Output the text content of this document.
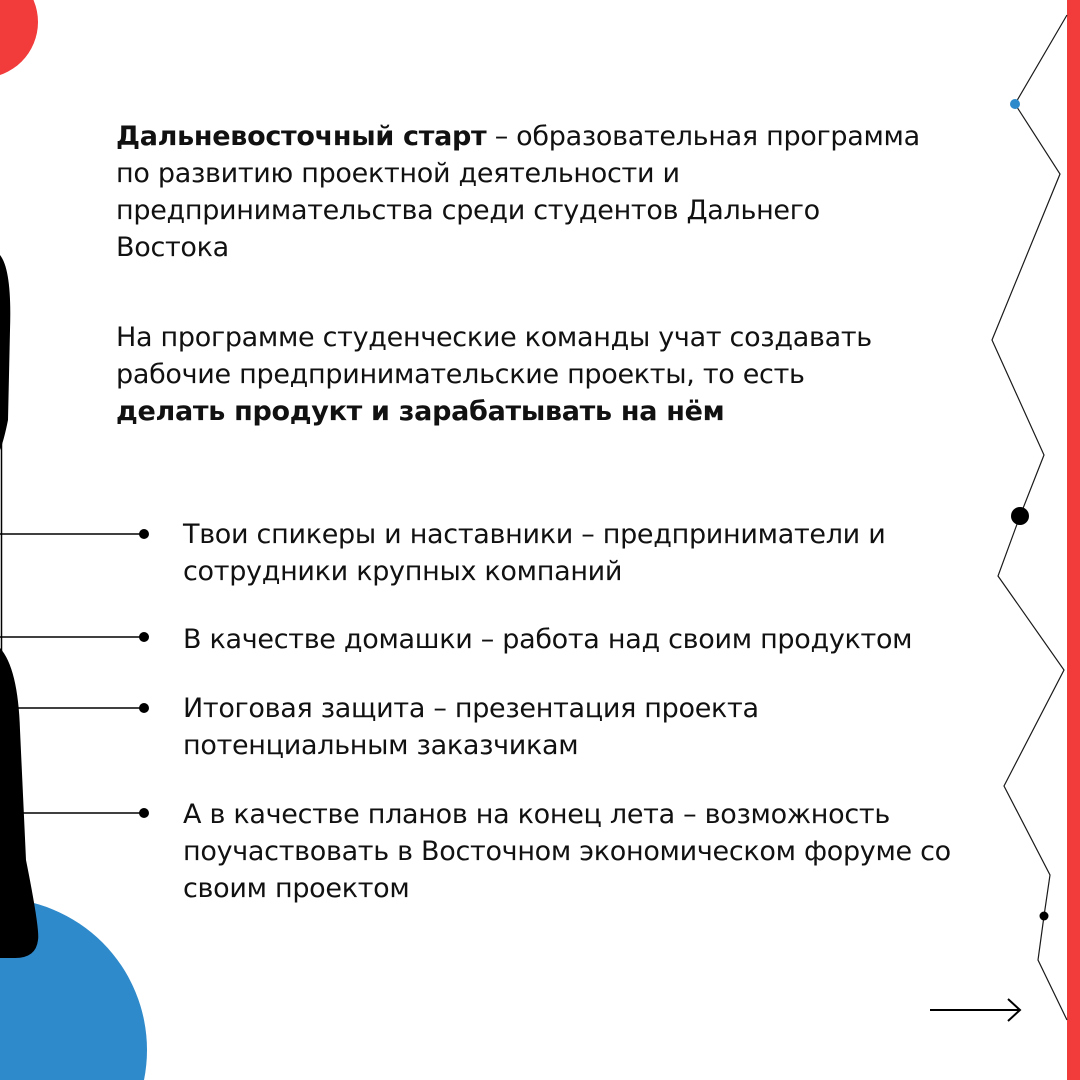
Дальневосточный старт – образовательная программа по развитию проектной деятельности и предпринимательства среди студентов Дальнего Востока

На программе студенческие команды учат создавать рабочие предпринимательские проекты, то есть делать продукт и зарабатывать на нём

Твои спикеры и наставники – предприниматели и сотрудники крупных компаний

В качестве домашки – работа над своим продуктом

Итоговая защита – презентация проекта потенциальным заказчикам

А в качестве планов на конец лета – возможность поучаствовать в Восточном экономическом форуме со своим проектом
